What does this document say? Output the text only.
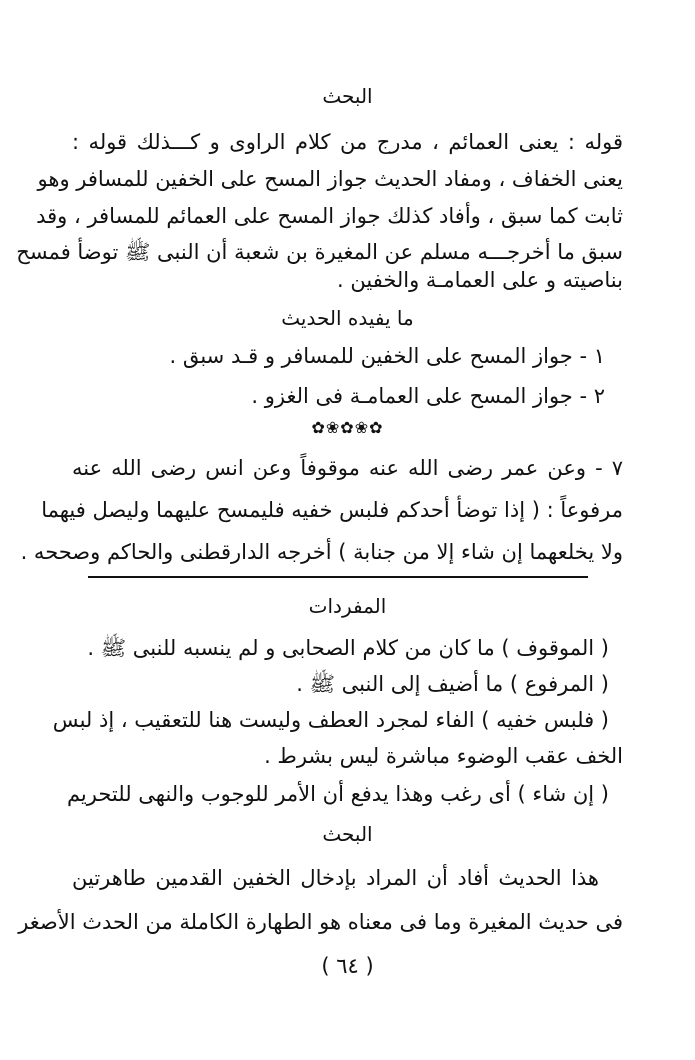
البحث
قوله : يعنى العمائم ، مدرج من كلام الراوى و كـــذلك قوله :
يعنى الخفاف ، ومفاد الحديث جواز المسح على الخفين للمسافر وهو
ثابت كما سبق ، وأفاد كذلك جواز المسح على العمائم للمسافر ، وقد
سبق ما أخرجـــه مسلم عن المغيرة بن شعبة أن النبى ﷺ توضأ فمسح
بناصيته و على العمامـة والخفين .
ما يفيده الحديث
١ - جواز المسح على الخفين للمسافر و قـد سبق .
٢ - جواز المسح على العمامـة فى الغزو .
✿❀✿❀✿
٧ - وعن عمر رضى الله عنه موقوفاً وعن انس رضى الله عنه
مرفوعاً : ( إذا توضأ أحدكم فلبس خفيه فليمسح عليهما وليصل فيهما
ولا يخلعهما إن شاء إلا من جنابة ) أخرجه الدارقطنى والحاكم وصححه .
المفردات
( الموقوف ) ما كان من كلام الصحابى و لم ينسبه للنبى ﷺ .
( المرفوع ) ما أضيف إلى النبى ﷺ .
( فلبس خفيه ) الفاء لمجرد العطف وليست هنا للتعقيب ، إذ لبس
الخف عقب الوضوء مباشرة ليس بشرط .
( إن شاء ) أى رغب وهذا يدفع أن الأمر للوجوب والنهى للتحريم
البحث
هذا الحديث أفاد أن المراد بإدخال الخفين القدمين طاهرتين
فى حديث المغيرة وما فى معناه هو الطهارة الكاملة من الحدث الأصغر
( ٦٤ )
